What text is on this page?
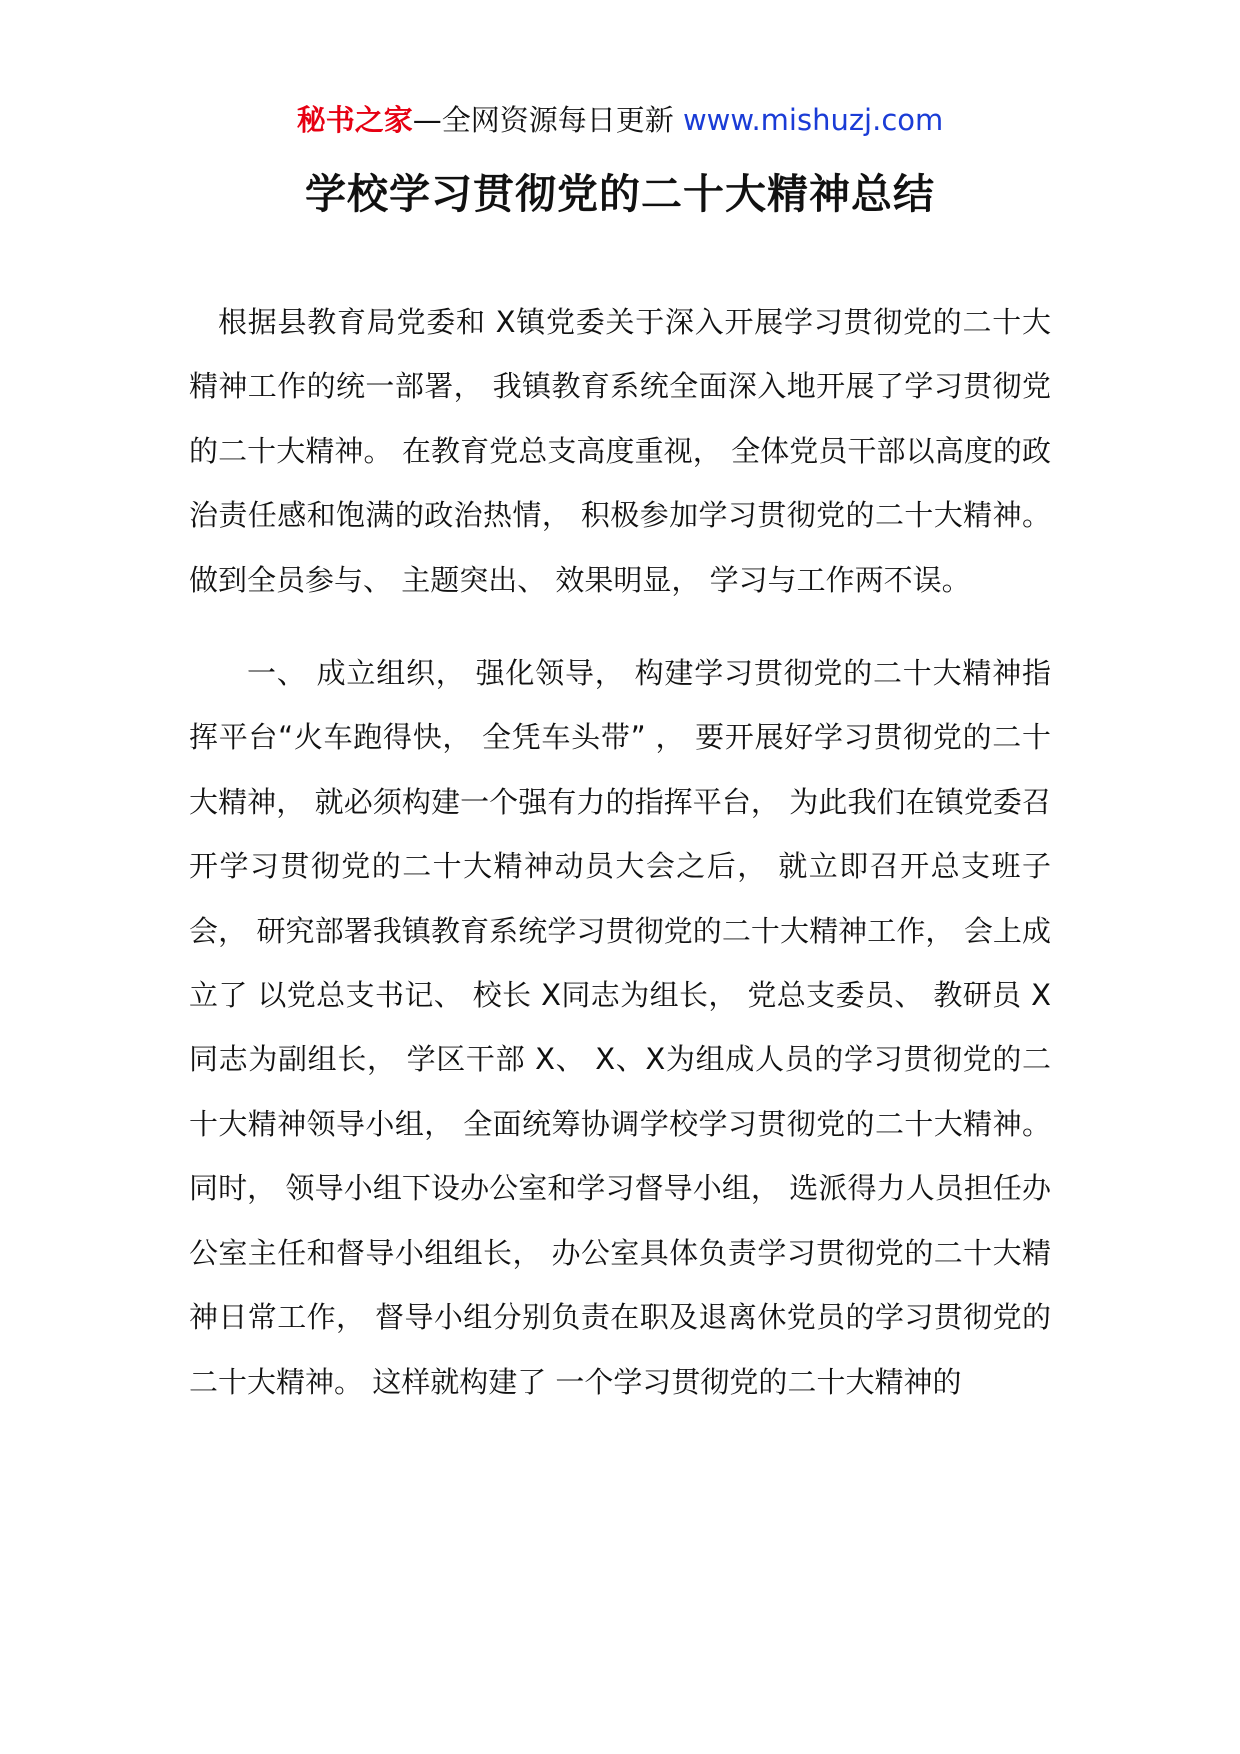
秘书之家—全网资源每日更新 www.mishuzj.com
学校学习贯彻党的二十大精神总结

根据县教育局党委和 X镇党委关于深入开展学习贯彻党的二十大精神工作的统一部署， 我镇教育系统全面深入地开展了学习贯彻党的二十大精神。 在教育党总支高度重视， 全体党员干部以高度的政治责任感和饱满的政治热情， 积极参加学习贯彻党的二十大精神。 做到全员参与、 主题突出、 效果明显， 学习与工作两不误。

一、 成立组织， 强化领导， 构建学习贯彻党的二十大精神指挥平台“火车跑得快， 全凭车头带” ， 要开展好学习贯彻党的二十大精神， 就必须构建一个强有力的指挥平台， 为此我们在镇党委召开学习贯彻党的二十大精神动员大会之后， 就立即召开总支班子会， 研究部署我镇教育系统学习贯彻党的二十大精神工作， 会上成立了 以党总支书记、 校长 X同志为组长， 党总支委员、 教研员 X同志为副组长， 学区干部 X、 X、X为组成人员的学习贯彻党的二十大精神领导小组， 全面统筹协调学校学习贯彻党的二十大精神。 同时， 领导小组下设办公室和学习督导小组， 选派得力人员担任办公室主任和督导小组组长， 办公室具体负责学习贯彻党的二十大精神日常工作， 督导小组分别负责在职及退离休党员的学习贯彻党的二十大精神。 这样就构建了 一个学习贯彻党的二十大精神的
